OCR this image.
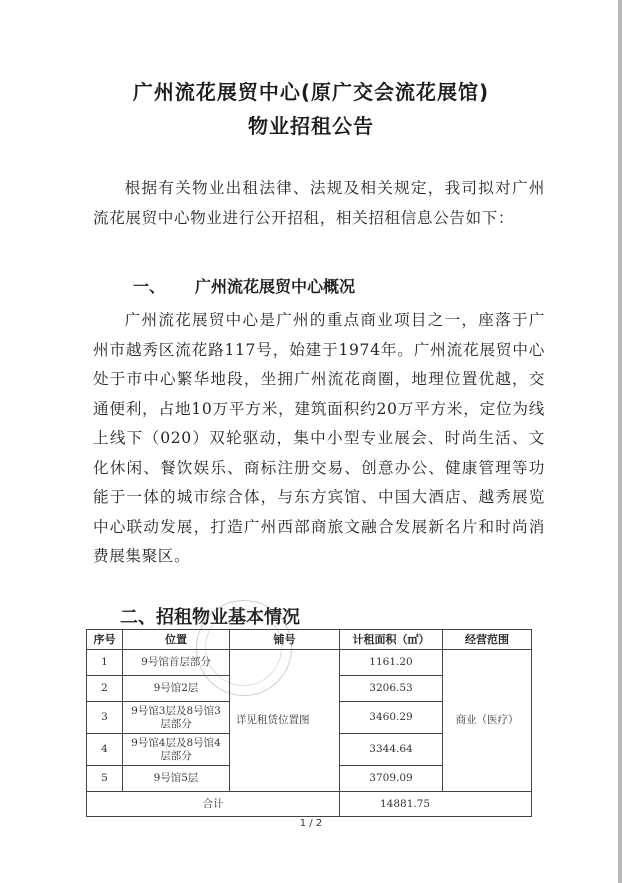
广州流花展贸中心(原广交会流花展馆)
物业招租公告
根据有关物业出租法律、法规及相关规定，我司拟对广州流花展贸中心物业进行公开招租，相关招租信息公告如下：
一、 广州流花展贸中心概况
广州流花展贸中心是广州的重点商业项目之一，座落于广州市越秀区流花路117号，始建于1974年。广州流花展贸中心处于市中心繁华地段，坐拥广州流花商圈，地理位置优越，交通便利，占地10万平方米，建筑面积约20万平方米，定位为线上线下（020）双轮驱动，集中小型专业展会、时尚生活、文化休闲、餐饮娱乐、商标注册交易、创意办公、健康管理等功能于一体的城市综合体，与东方宾馆、中国大酒店、越秀展览中心联动发展，打造广州西部商旅文融合发展新名片和时尚消费展集聚区。
二、招租物业基本情况
序号	位置	铺号	计租面积（㎡）	经营范围
1	9号馆首层部分	详见租赁位置图	1161.20	商业（医疗）
2	9号馆2层		3206.53	
3	9号馆3层及8号馆3层部分		3460.29	
4	9号馆4层及8号馆4层部分		3344.64	
5	9号馆5层		3709.09	
合计			14881.75	
1 / 2
